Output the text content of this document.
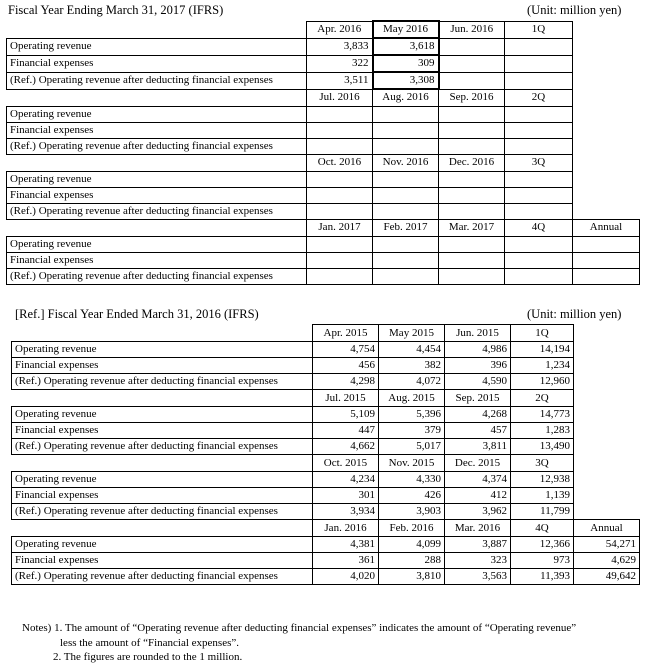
Fiscal Year Ending March 31, 2017 (IFRS)	(Unit: million yen)
	Apr. 2016	May 2016	Jun. 2016	1Q	
Operating revenue	3,833	3,618			
Financial expenses	322	309			
(Ref.) Operating revenue after deducting financial expenses	3,511	3,308			
	Jul. 2016	Aug. 2016	Sep. 2016	2Q	
Operating revenue					
Financial expenses					
(Ref.) Operating revenue after deducting financial expenses					
	Oct. 2016	Nov. 2016	Dec. 2016	3Q	
Operating revenue					
Financial expenses					
(Ref.) Operating revenue after deducting financial expenses					
	Jan. 2017	Feb. 2017	Mar. 2017	4Q	Annual
Operating revenue					
Financial expenses					
(Ref.) Operating revenue after deducting financial expenses					
[Ref.] Fiscal Year Ended March 31, 2016 (IFRS)	(Unit: million yen)
	Apr. 2015	May 2015	Jun. 2015	1Q	
Operating revenue	4,754	4,454	4,986	14,194	
Financial expenses	456	382	396	1,234	
(Ref.) Operating revenue after deducting financial expenses	4,298	4,072	4,590	12,960	
	Jul. 2015	Aug. 2015	Sep. 2015	2Q	
Operating revenue	5,109	5,396	4,268	14,773	
Financial expenses	447	379	457	1,283	
(Ref.) Operating revenue after deducting financial expenses	4,662	5,017	3,811	13,490	
	Oct. 2015	Nov. 2015	Dec. 2015	3Q	
Operating revenue	4,234	4,330	4,374	12,938	
Financial expenses	301	426	412	1,139	
(Ref.) Operating revenue after deducting financial expenses	3,934	3,903	3,962	11,799	
	Jan. 2016	Feb. 2016	Mar. 2016	4Q	Annual
Operating revenue	4,381	4,099	3,887	12,366	54,271
Financial expenses	361	288	323	973	4,629
(Ref.) Operating revenue after deducting financial expenses	4,020	3,810	3,563	11,393	49,642
Notes) 1. The amount of “Operating revenue after deducting financial expenses” indicates the amount of “Operating revenue”
less the amount of “Financial expenses”.
2. The figures are rounded to the 1 million.
